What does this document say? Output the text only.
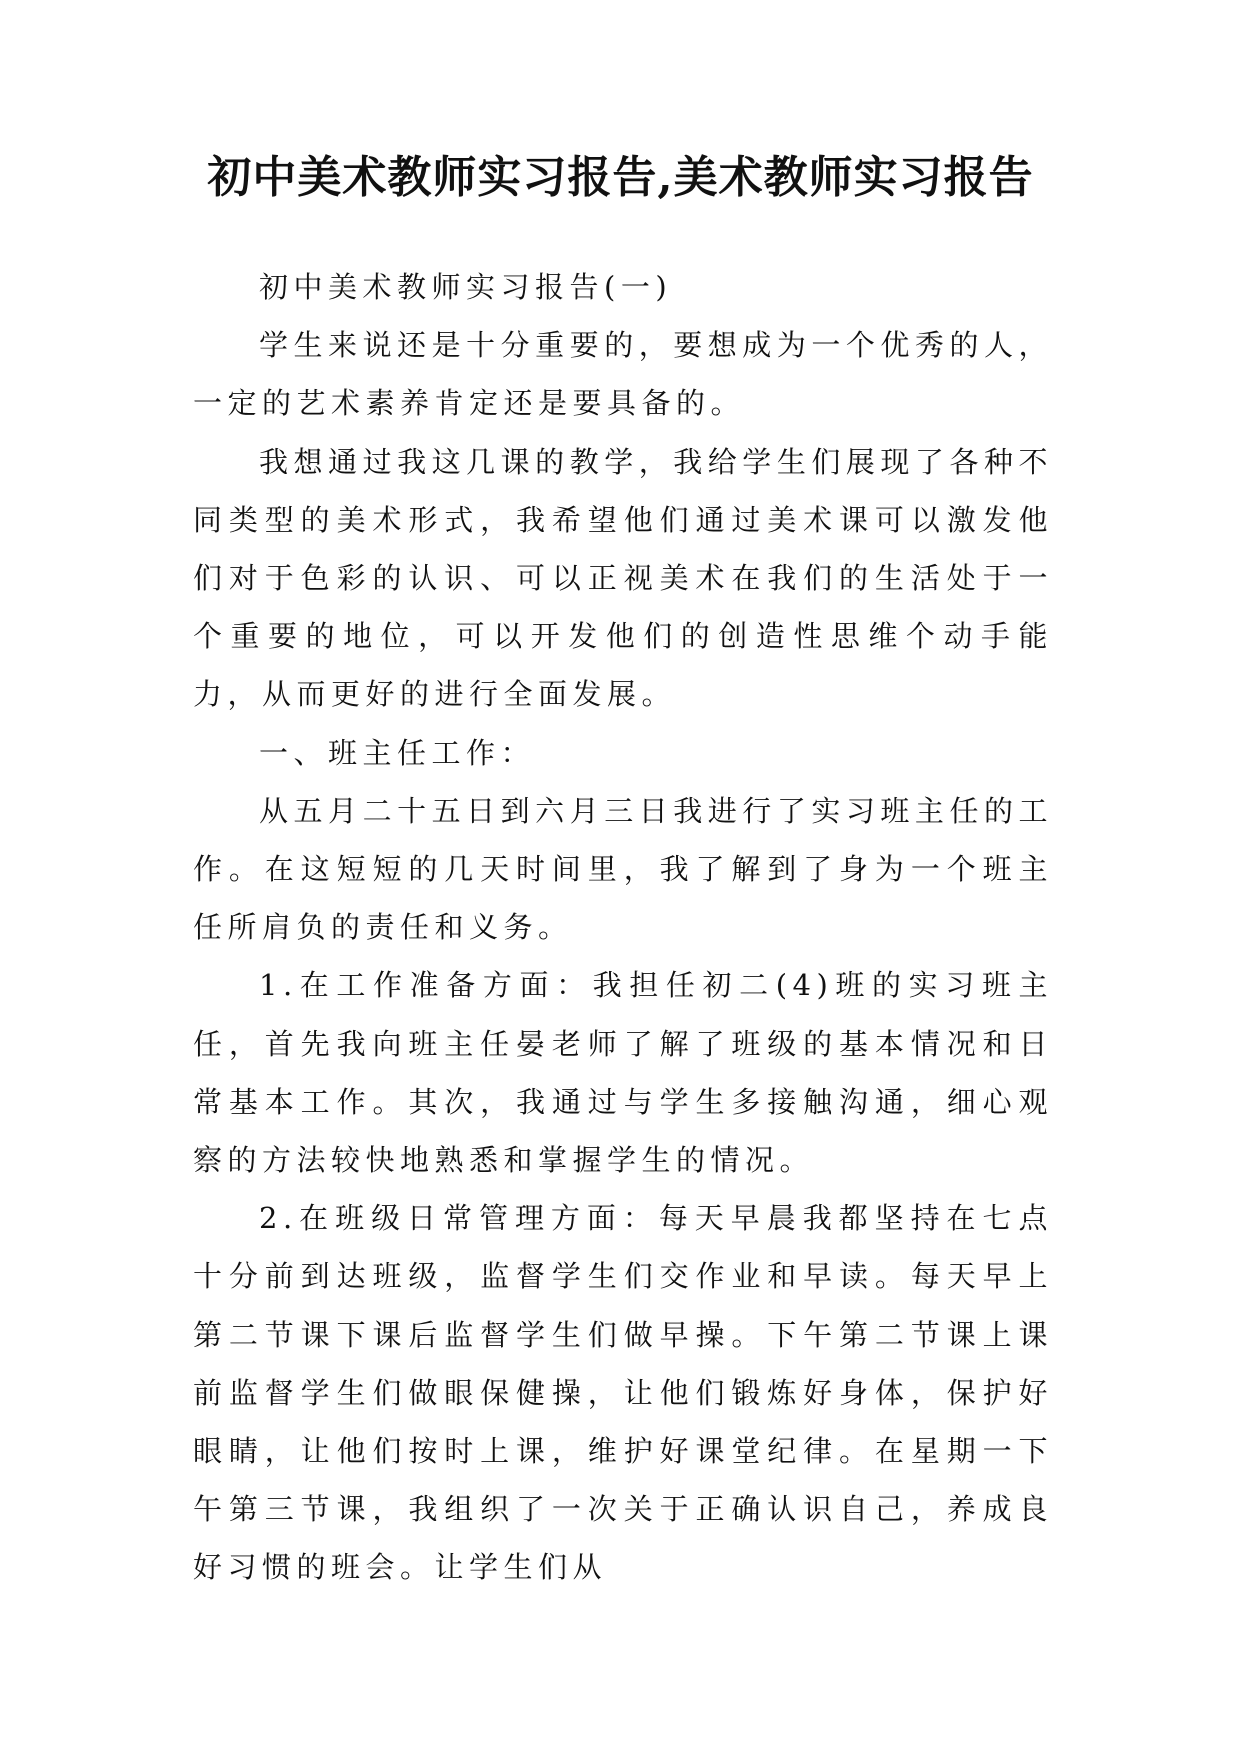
初中美术教师实习报告,美术教师实习报告

初中美术教师实习报告(一)

学生来说还是十分重要的，要想成为一个优秀的人，一定的艺术素养肯定还是要具备的。

我想通过我这几课的教学，我给学生们展现了各种不同类型的美术形式，我希望他们通过美术课可以激发他们对于色彩的认识、可以正视美术在我们的生活处于一个重要的地位，可以开发他们的创造性思维个动手能力，从而更好的进行全面发展。

一、班主任工作：

从五月二十五日到六月三日我进行了实习班主任的工作。在这短短的几天时间里，我了解到了身为一个班主任所肩负的责任和义务。

1.在工作准备方面：我担任初二(4)班的实习班主任，首先我向班主任晏老师了解了班级的基本情况和日常基本工作。其次，我通过与学生多接触沟通，细心观察的方法较快地熟悉和掌握学生的情况。

2.在班级日常管理方面：每天早晨我都坚持在七点十分前到达班级，监督学生们交作业和早读。每天早上第二节课下课后监督学生们做早操。下午第二节课上课前监督学生们做眼保健操，让他们锻炼好身体，保护好眼睛，让他们按时上课，维护好课堂纪律。在星期一下午第三节课，我组织了一次关于正确认识自己，养成良好习惯的班会。让学生们从
